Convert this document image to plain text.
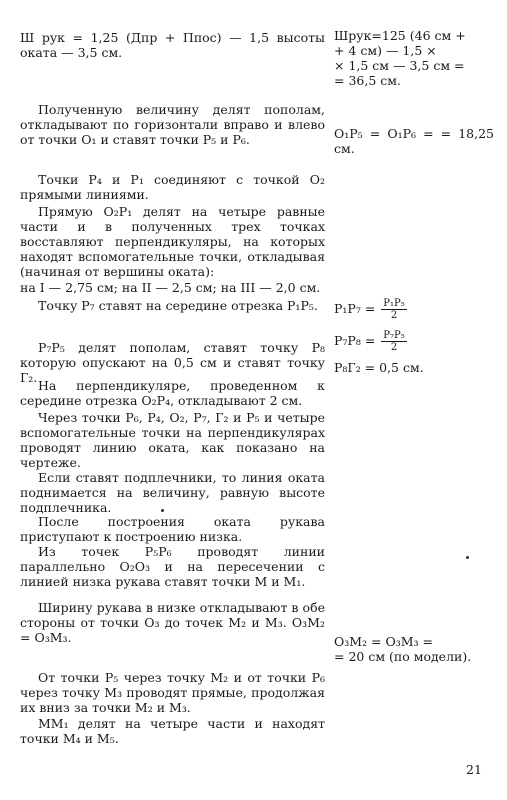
Ш рук = 1,25 (Дпр + Ппос) — 1,5 высоты оката — 3,5 см.

Шрук=125 (46 см +

+ 4 см) — 1,5 ×

× 1,5 см — 3,5 см =

= 36,5 см.

Полученную величину делят пополам, откладывают по горизонтали вправо и влево от точки O₁ и ставят точки P₅ и P₆.	O₁P₅ = O₁P₆ = = 18,25 см.

Точки P₄ и P₁ соединяют с точкой O₂ прямыми линиями.

Прямую O₂P₁ делят на четыре равные части и в полученных трех точках восставляют перпендикуляры, на которых находят вспомогательные точки, откладывая (начиная от вершины оката):

на I — 2,75 см; на II — 2,5 см; на III — 2,0 см.

Точку P₇ ставят на середине отрезка P₁P₅.	$P_1P_7 = \frac{\text{P₁P₅}}{2}$
$P_7P_8 = \frac{\text{P₇P₅}}{2}$
P₈Г₂ = 0,5 см.

P₇P₅ делят пополам, ставят точку P₈ которую опускают на 0,5 см и ставят точку Г₂.

На перпендикуляре, проведенном к середине отрезка O₂P₄, откладывают 2 см.

Через точки P₆, P₄, O₂, P₇, Г₂ и P₅ и четыре вспомогательные точки на перпендикулярах проводят линию оката, как показано на чертеже.

Если ставят подплечники, то линия оката поднимается на величину, равную высоте подплечника.

После построения оката рукава приступают к построению низка.

Из точек P₅P₆ проводят линии параллельно O₂O₃ и на пересечении с линией низка рукава ставят точки M и M₁.

Ширину рукава в низке откладывают в обе стороны от точки O₃ до точек M₂ и M₃. O₃M₂ = O₃M₃.	O₃M₂ = O₃M₃ =

= 20 см (по модели).

От точки P₅ через точку M₂ и от точки P₆ через точку M₃ проводят прямые, продолжая их вниз за точки M₂ и M₃.

MM₁ делят на четыре части и находят точки M₄ и M₅.

21
